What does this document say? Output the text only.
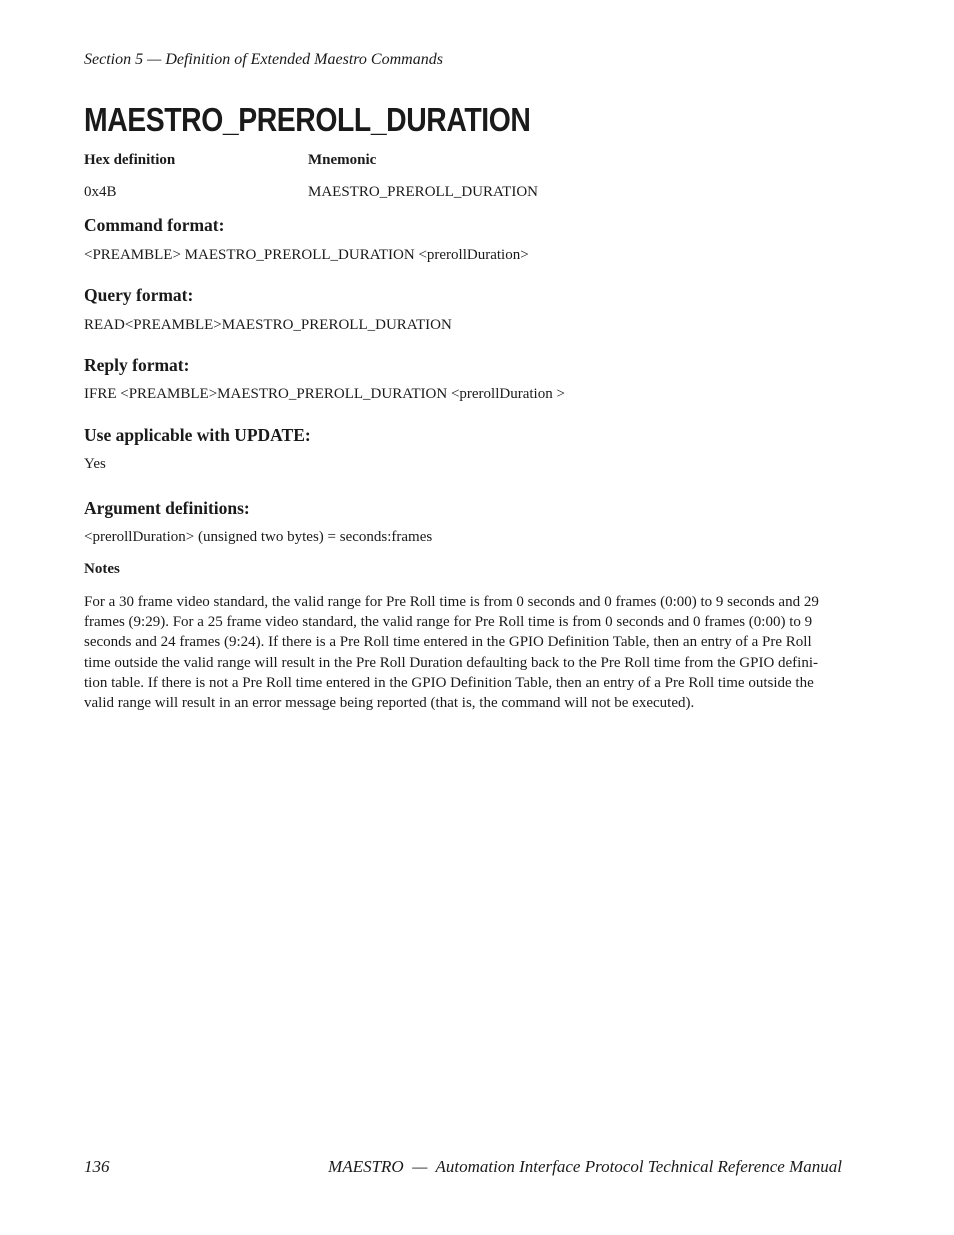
Section 5 — Definition of Extended Maestro Commands
MAESTRO_PREROLL_DURATION
Hex definition	Mnemonic
0x4B	MAESTRO_PREROLL_DURATION
Command format:
<PREAMBLE> MAESTRO_PREROLL_DURATION <prerollDuration>
Query format:
READ<PREAMBLE>MAESTRO_PREROLL_DURATION
Reply format:
IFRE <PREAMBLE>MAESTRO_PREROLL_DURATION <prerollDuration >
Use applicable with UPDATE:
Yes
Argument definitions:
<prerollDuration> (unsigned two bytes) = seconds:frames
Notes
For a 30 frame video standard, the valid range for Pre Roll time is from 0 seconds and 0 frames (0:00) to 9 seconds and 29
frames (9:29). For a 25 frame video standard, the valid range for Pre Roll time is from 0 seconds and 0 frames (0:00) to 9
seconds and 24 frames (9:24). If there is a Pre Roll time entered in the GPIO Definition Table, then an entry of a Pre Roll
time outside the valid range will result in the Pre Roll Duration defaulting back to the Pre Roll time from the GPIO defini-
tion table. If there is not a Pre Roll time entered in the GPIO Definition Table, then an entry of a Pre Roll time outside the
valid range will result in an error message being reported (that is, the command will not be executed).
136	MAESTRO  —  Automation Interface Protocol Technical Reference Manual
